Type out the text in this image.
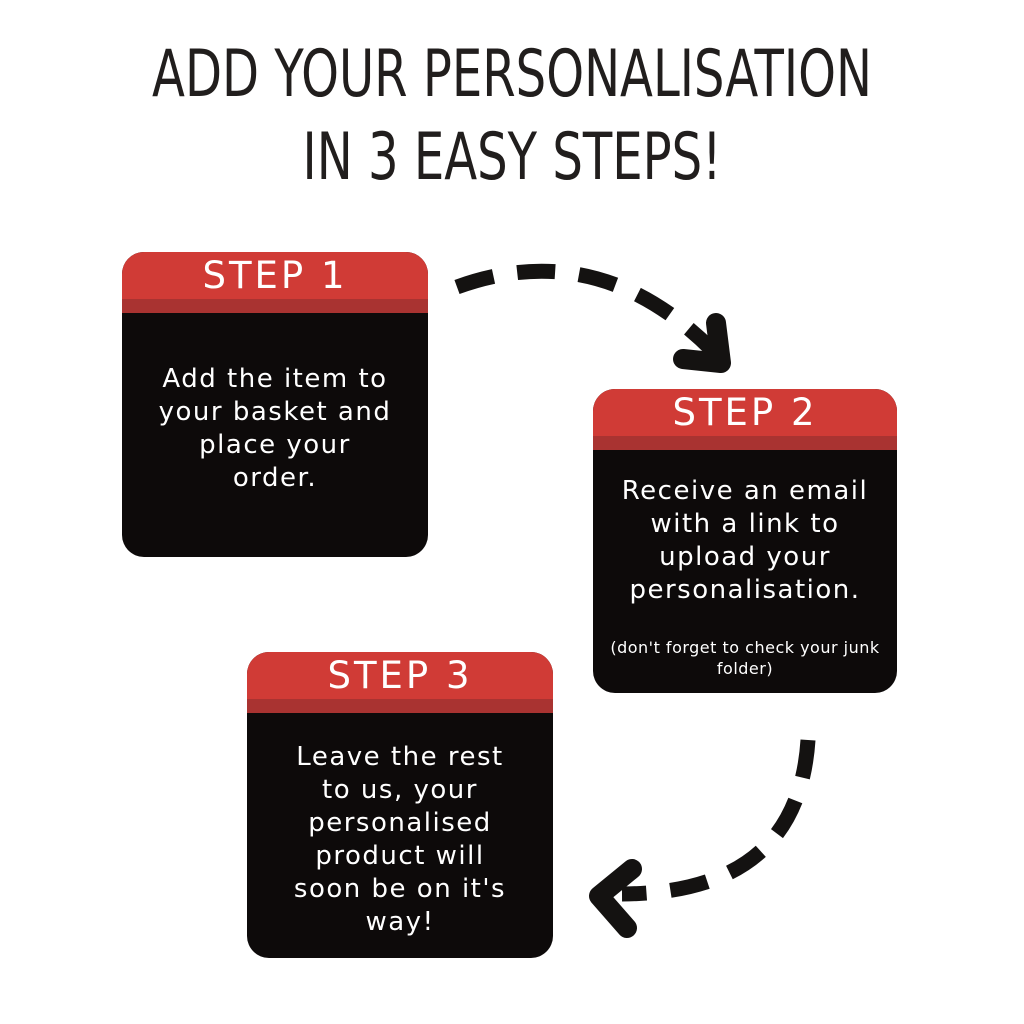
ADD YOUR PERSONALISATION
IN 3 EASY STEPS!
STEP 1
Add the item to
your basket and
place your
order.
STEP 2
Receive an email
with a link to
upload your
personalisation.
(don't forget to check your junk
folder)
STEP 3
Leave the rest
to us, your
personalised
product will
soon be on it's
way!
